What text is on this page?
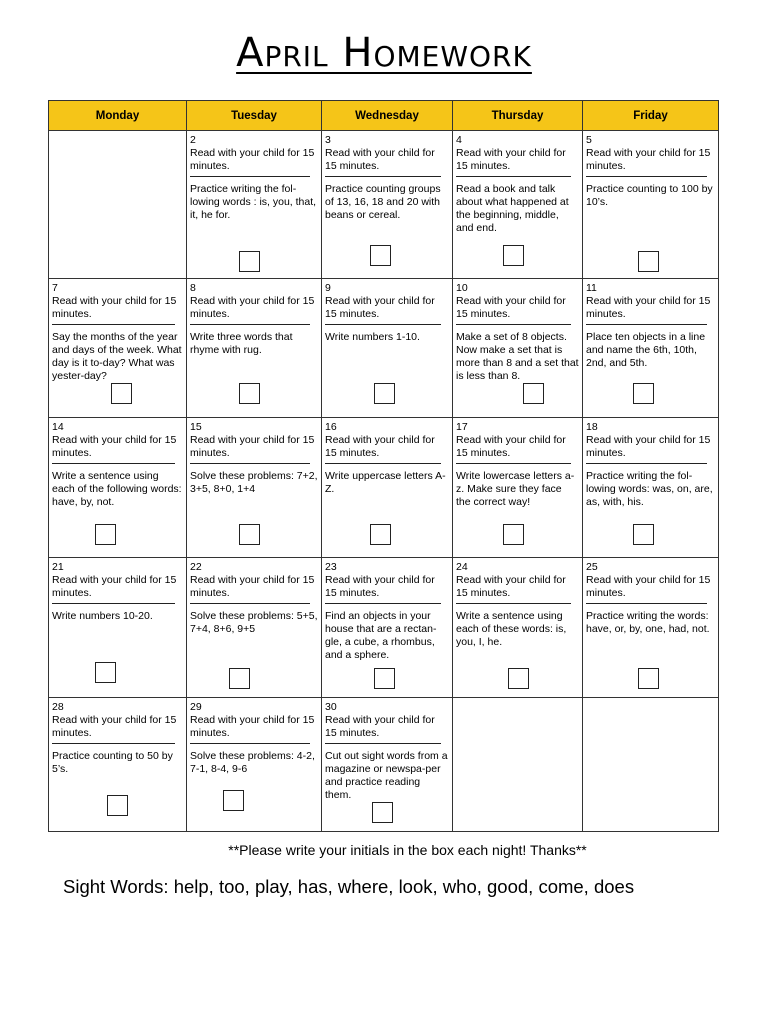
April Homework
Monday	Tuesday	Wednesday	Thursday	Friday

	2
Read with your child for 15 minutes.
Practice writing the fol-lowing words : is, you, that, it, he for.	3
Read with your child for 15 minutes.
Practice counting groups of 13, 16, 18 and 20 with beans or cereal.	4
Read with your child for 15 minutes.
Read a book and talk about what happened at the beginning, middle, and end.	5
Read with your child for 15 minutes.
Practice counting to 100 by 10’s.

7
Read with your child for 15 minutes.
Say the months of the year and days of the week. What day is it to-day? What was yester-day?	8
Read with your child for 15 minutes.
Write three words that rhyme with rug.	9
Read with your child for 15 minutes.
Write numbers 1-10.	10
Read with your child for 15 minutes.
Make a set of 8 objects. Now make a set that is more than 8 and a set that is less than 8.	11
Read with your child for 15 minutes.
Place ten objects in a line and name the 6th, 10th, 2nd, and 5th.

14
Read with your child for 15 minutes.
Write a sentence using each of the following words: have, by, not.	15
Read with your child for 15 minutes.
Solve these problems: 7+2, 3+5, 8+0, 1+4	16
Read with your child for 15 minutes.
Write uppercase letters A-Z.	17
Read with your child for 15 minutes.
Write lowercase letters a-z. Make sure they face the correct way!	18
Read with your child for 15 minutes.
Practice writing the fol-lowing words: was, on, are, as, with, his.

21
Read with your child for 15 minutes.
Write numbers 10-20.	22
Read with your child for 15 minutes.
Solve these problems: 5+5, 7+4, 8+6, 9+5	23
Read with your child for 15 minutes.
Find an objects in your house that are a rectan-gle, a cube, a rhombus, and a sphere.	24
Read with your child for 15 minutes.
Write a sentence using each of these words: is, you, I, he.	25
Read with your child for 15 minutes.
Practice writing the words: have, or, by, one, had, not.

28
Read with your child for 15 minutes.
Practice counting to 50 by 5’s.	29
Read with your child for 15 minutes.
Solve these problems: 4-2, 7-1, 8-4, 9-6	30
Read with your child for 15 minutes.
Cut out sight words from a magazine or newspa-per and practice reading them.		

**Please write your initials in the box each night! Thanks**
Sight Words: help, too, play, has, where, look, who, good, come, does
